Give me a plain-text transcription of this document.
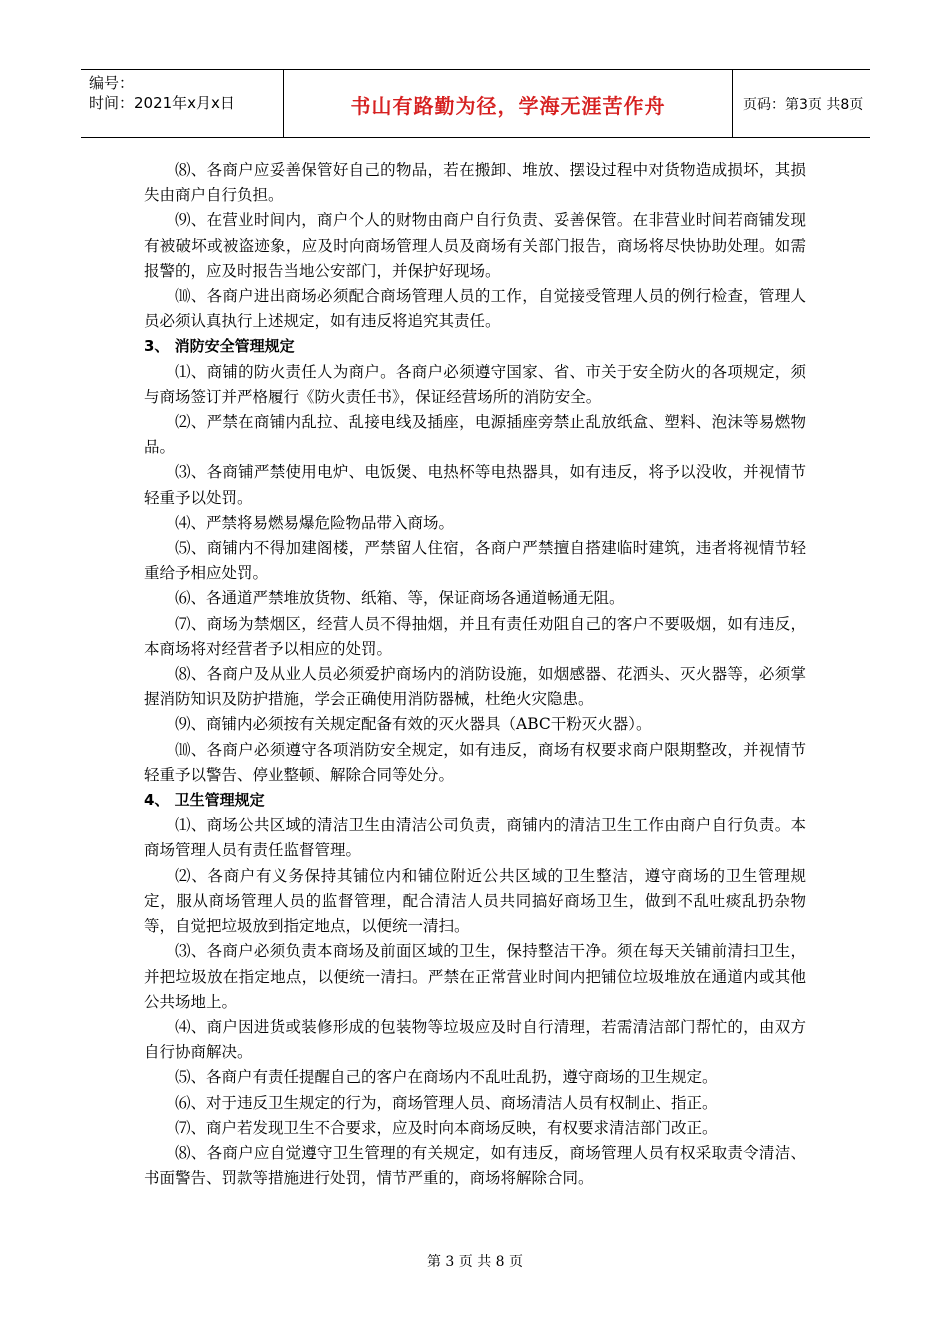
编号：
时间：2021年x月x日	书山有路勤为径，学海无涯苦作舟	页码：第3页 共8页

⑻、各商户应妥善保管好自己的物品，若在搬卸、堆放、摆设过程中对货物造成损坏，其损失由商户自行负担。

⑼、在营业时间内，商户个人的财物由商户自行负责、妥善保管。在非营业时间若商铺发现有被破坏或被盗迹象，应及时向商场管理人员及商场有关部门报告，商场将尽快协助处理。如需报警的，应及时报告当地公安部门，并保护好现场。

⑽、各商户进出商场必须配合商场管理人员的工作，自觉接受管理人员的例行检查，管理人员必须认真执行上述规定，如有违反将追究其责任。

3、 消防安全管理规定

⑴、商铺的防火责任人为商户。各商户必须遵守国家、省、市关于安全防火的各项规定，须与商场签订并严格履行《防火责任书》，保证经营场所的消防安全。

⑵、严禁在商铺内乱拉、乱接电线及插座，电源插座旁禁止乱放纸盒、塑料、泡沫等易燃物品。

⑶、各商铺严禁使用电炉、电饭煲、电热杯等电热器具，如有违反，将予以没收，并视情节轻重予以处罚。

⑷、严禁将易燃易爆危险物品带入商场。

⑸、商铺内不得加建阁楼，严禁留人住宿，各商户严禁擅自搭建临时建筑，违者将视情节轻重给予相应处罚。

⑹、各通道严禁堆放货物、纸箱、等，保证商场各通道畅通无阻。

⑺、商场为禁烟区，经营人员不得抽烟，并且有责任劝阻自己的客户不要吸烟，如有违反，本商场将对经营者予以相应的处罚。

⑻、各商户及从业人员必须爱护商场内的消防设施，如烟感器、花洒头、灭火器等，必须掌握消防知识及防护措施，学会正确使用消防器械，杜绝火灾隐患。

⑼、商铺内必须按有关规定配备有效的灭火器具（ABC干粉灭火器）。

⑽、各商户必须遵守各项消防安全规定，如有违反，商场有权要求商户限期整改，并视情节轻重予以警告、停业整顿、解除合同等处分。

4、 卫生管理规定

⑴、商场公共区域的清洁卫生由清洁公司负责，商铺内的清洁卫生工作由商户自行负责。本商场管理人员有责任监督管理。

⑵、各商户有义务保持其铺位内和铺位附近公共区域的卫生整洁，遵守商场的卫生管理规定，服从商场管理人员的监督管理，配合清洁人员共同搞好商场卫生，做到不乱吐痰乱扔杂物等，自觉把垃圾放到指定地点，以便统一清扫。

⑶、各商户必须负责本商场及前面区域的卫生，保持整洁干净。须在每天关铺前清扫卫生，并把垃圾放在指定地点，以便统一清扫。严禁在正常营业时间内把铺位垃圾堆放在通道内或其他公共场地上。

⑷、商户因进货或装修形成的包装物等垃圾应及时自行清理，若需清洁部门帮忙的，由双方自行协商解决。

⑸、各商户有责任提醒自己的客户在商场内不乱吐乱扔，遵守商场的卫生规定。

⑹、对于违反卫生规定的行为，商场管理人员、商场清洁人员有权制止、指正。

⑺、商户若发现卫生不合要求，应及时向本商场反映，有权要求清洁部门改正。

⑻、各商户应自觉遵守卫生管理的有关规定，如有违反，商场管理人员有权采取责令清洁、书面警告、罚款等措施进行处罚，情节严重的，商场将解除合同。

第 3 页 共 8 页
